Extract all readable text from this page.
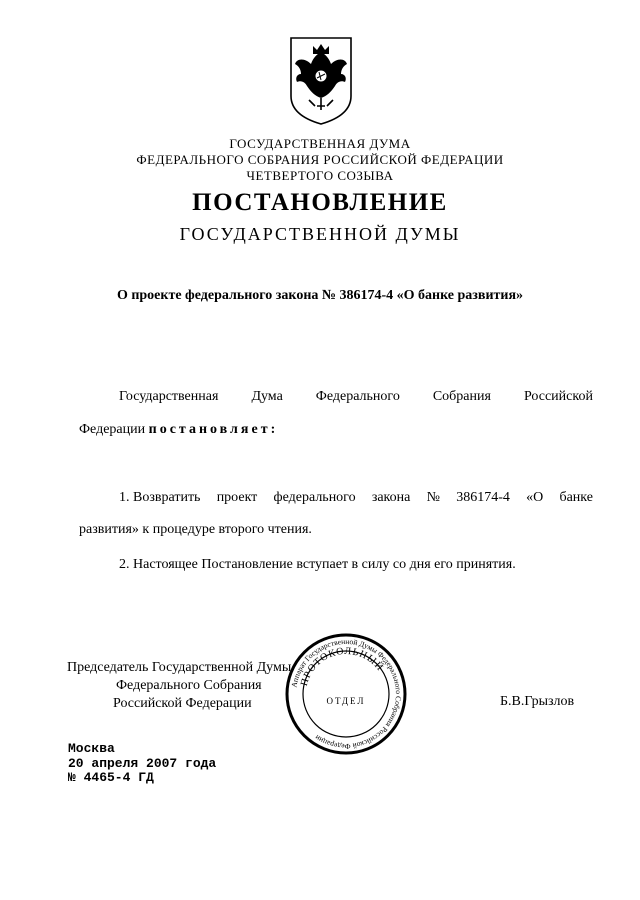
ГОСУДАРСТВЕННАЯ ДУМА
ФЕДЕРАЛЬНОГО СОБРАНИЯ РОССИЙСКОЙ ФЕДЕРАЦИИ
ЧЕТВЕРТОГО СОЗЫВА
ПОСТАНОВЛЕНИЕ
ГОСУДАРСТВЕННОЙ ДУМЫ
О проекте федерального закона № 386174-4 «О банке развития»
Государственная Дума Федерального Собрания Российской
Федерации постановляет:
1. Возвратить проект федерального закона № 386174-4 «О банке
развития» к процедуре второго чтения.
2. Настоящее Постановление вступает в силу со дня его принятия.
Председатель Государственной Думы
Федерального Собрания
Российской Федерации	Б.В.Грызлов
Аппарат Государственной Думы Федерального Собрания Российской Федерации
ПРОТОКОЛЬНЫЙ
ОТДЕЛ
Москва
20 апреля 2007 года
№ 4465-4 ГД
